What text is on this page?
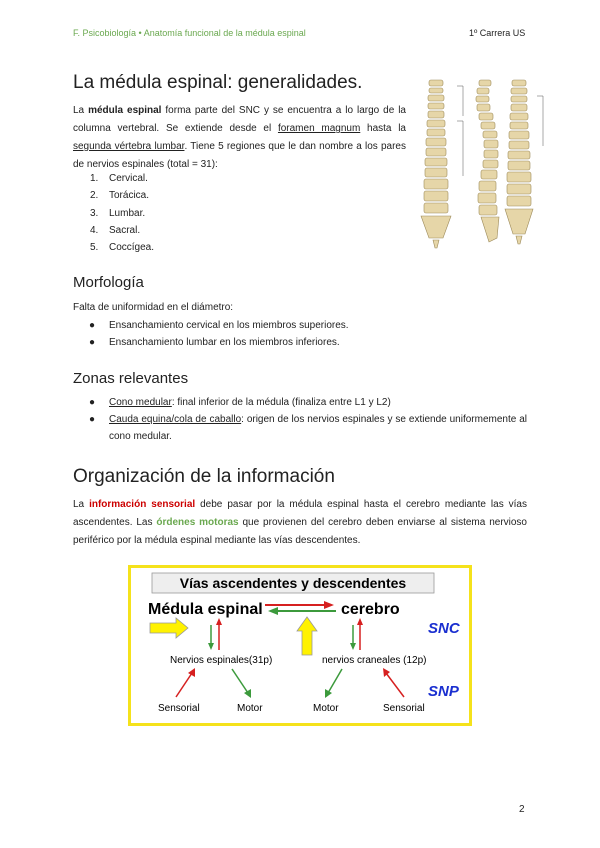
F. Psicobiología • Anatomía funcional de la médula espinal	1º Carrera US
La médula espinal: generalidades.
La médula espinal forma parte del SNC y se encuentra a lo largo de la columna vertebral. Se extiende desde el foramen magnum hasta la segunda vértebra lumbar. Tiene 5 regiones que le dan nombre a los pares de nervios espinales (total = 31):
1. Cervical.
2. Torácica.
3. Lumbar.
4. Sacral.
5. Coccígea.
Morfología
Falta de uniformidad en el diámetro:
● Ensanchamiento cervical en los miembros superiores.
● Ensanchamiento lumbar en los miembros inferiores.
Zonas relevantes
● Cono medular: final inferior de la médula (finaliza entre L1 y L2)
● Cauda equina/cola de caballo: origen de los nervios espinales y se extiende uniformemente al cono medular.
Organización de la información
La información sensorial debe pasar por la médula espinal hasta el cerebro mediante las vías ascendentes. Las órdenes motoras que provienen del cerebro deben enviarse al sistema nervioso periférico por la médula espinal mediante las vías descendentes.
Vías ascendentes y descendentes
Médula espinal	cerebro
SNC
SNP
Nervios espinales(31p)	nervios craneales (12p)
Sensorial	Motor	Motor	Sensorial
2
